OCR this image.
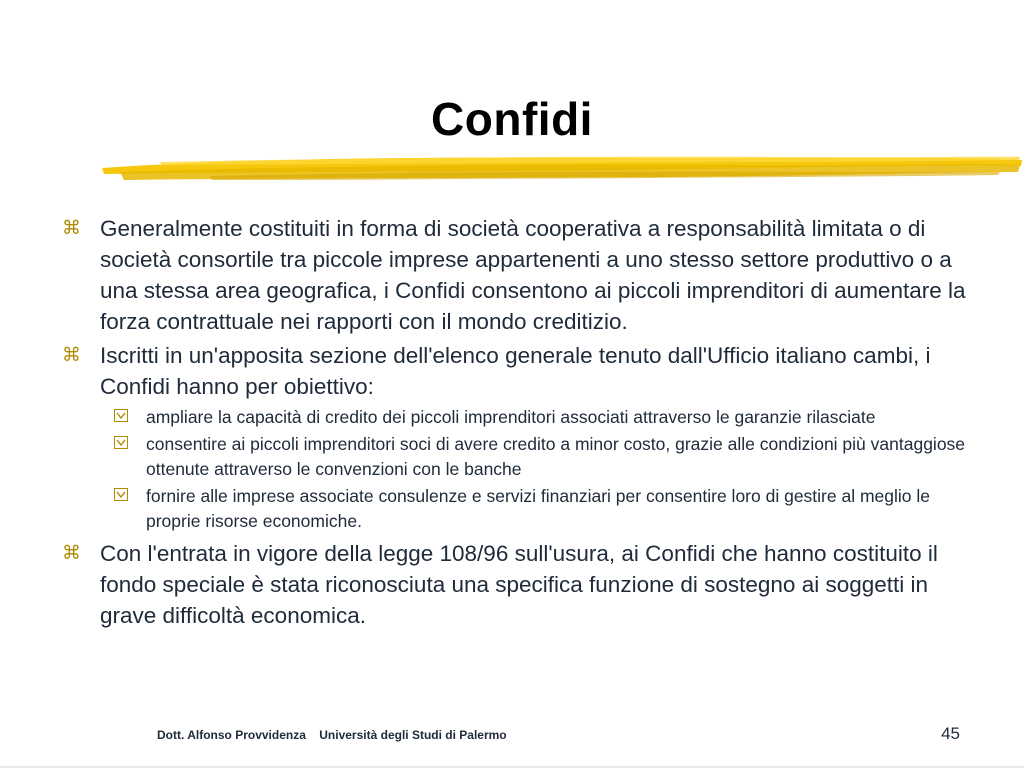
Confidi
⌘ Generalmente costituiti in forma di società cooperativa a responsabilità limitata o di società consortile tra piccole imprese appartenenti a uno stesso settore produttivo o a una stessa area geografica, i Confidi consentono ai piccoli imprenditori di aumentare la forza contrattuale nei rapporti con il mondo creditizio.
⌘ Iscritti in un'apposita sezione dell'elenco generale tenuto dall'Ufficio italiano cambi, i Confidi hanno per obiettivo:
ampliare la capacità di credito dei piccoli imprenditori associati attraverso le garanzie rilasciate
consentire ai piccoli imprenditori soci di avere credito a minor costo, grazie alle condizioni più vantaggiose ottenute attraverso le convenzioni con le banche
fornire alle imprese associate consulenze e servizi finanziari per consentire loro di gestire al meglio le proprie risorse economiche.
⌘ Con l'entrata in vigore della legge 108/96 sull'usura, ai Confidi che hanno costituito il fondo speciale è stata riconosciuta una specifica funzione di sostegno ai soggetti in grave difficoltà economica.
Dott. Alfonso Provvidenza Università degli Studi di Palermo	45
